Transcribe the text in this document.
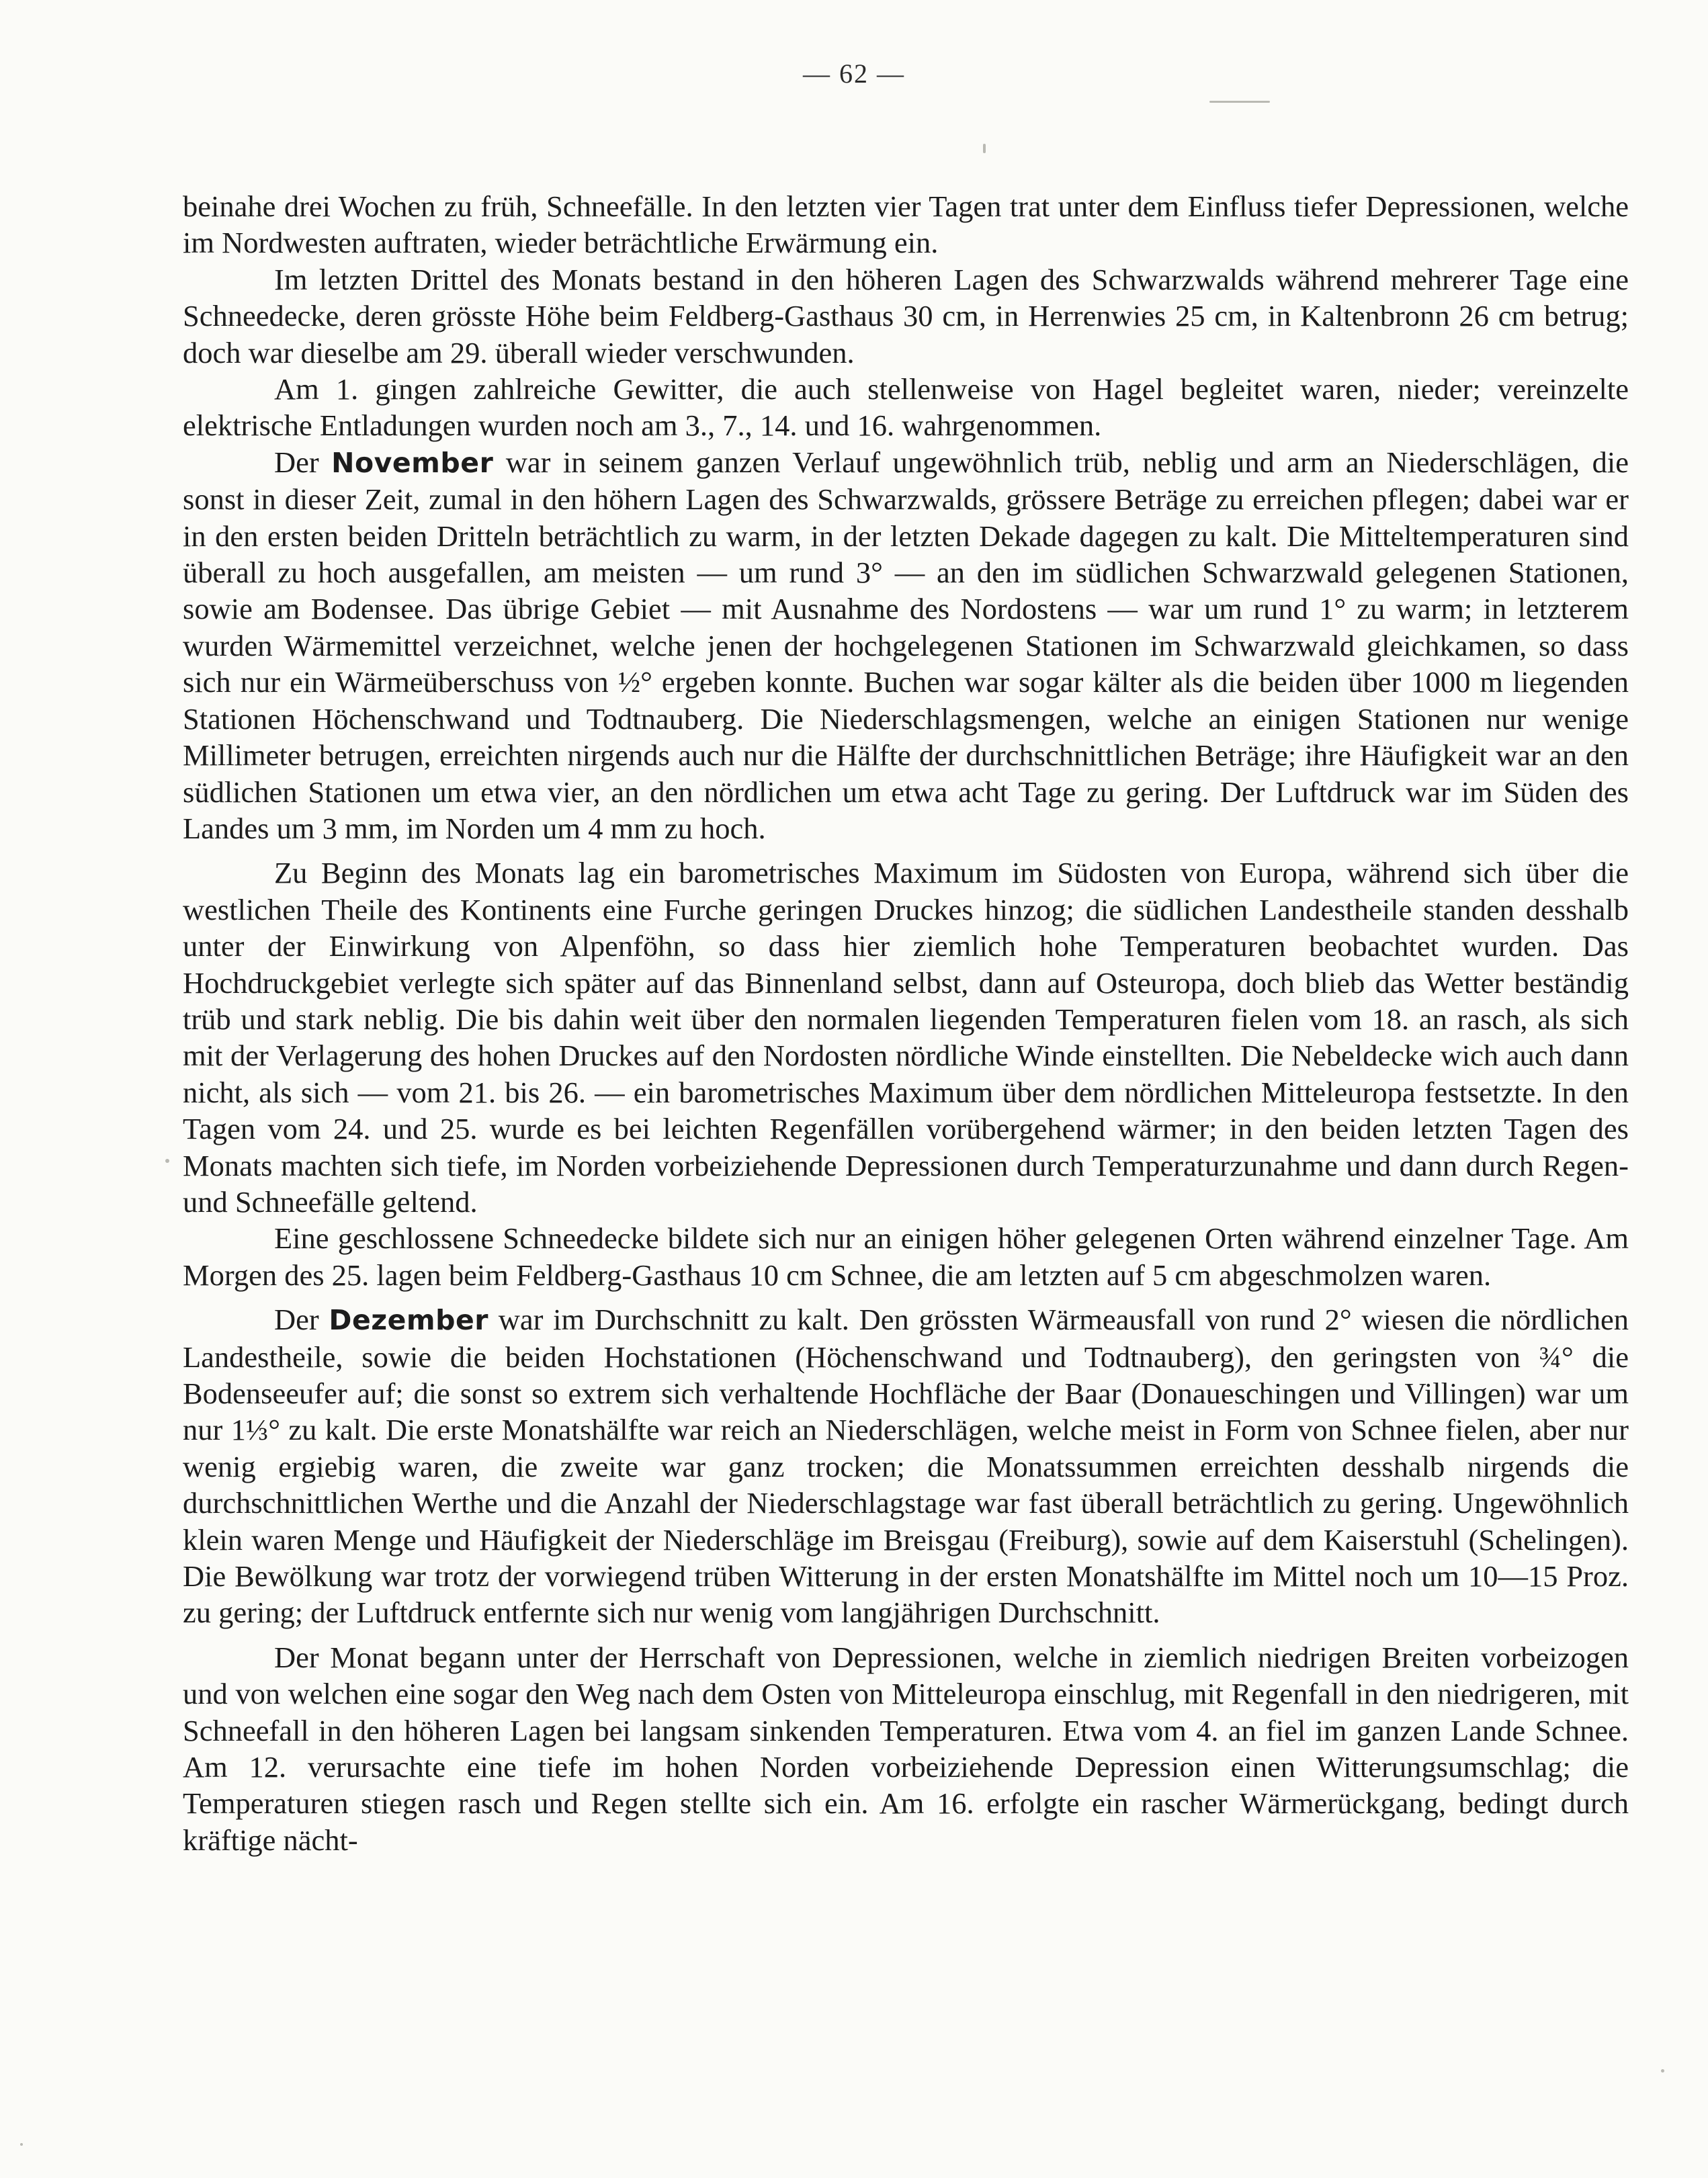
— 62 —

beinahe drei Wochen zu früh, Schneefälle. In den letzten vier Tagen trat unter dem Einfluss tiefer Depressionen, welche im Nordwesten auftraten, wieder beträchtliche Erwärmung ein.

Im letzten Drittel des Monats bestand in den höheren Lagen des Schwarzwalds während mehrerer Tage eine Schneedecke, deren grösste Höhe beim Feldberg-Gasthaus 30 cm, in Herrenwies 25 cm, in Kaltenbronn 26 cm betrug; doch war dieselbe am 29. überall wieder verschwunden.

Am 1. gingen zahlreiche Gewitter, die auch stellenweise von Hagel begleitet waren, nieder; vereinzelte elektrische Entladungen wurden noch am 3., 7., 14. und 16. wahrgenommen.

Der November war in seinem ganzen Verlauf ungewöhnlich trüb, neblig und arm an Niederschlägen, die sonst in dieser Zeit, zumal in den höhern Lagen des Schwarzwalds, grössere Beträge zu erreichen pflegen; dabei war er in den ersten beiden Dritteln beträchtlich zu warm, in der letzten Dekade dagegen zu kalt. Die Mitteltemperaturen sind überall zu hoch ausgefallen, am meisten — um rund 3° — an den im südlichen Schwarzwald gelegenen Stationen, sowie am Bodensee. Das übrige Gebiet — mit Ausnahme des Nordostens — war um rund 1° zu warm; in letzterem wurden Wärmemittel verzeichnet, welche jenen der hochgelegenen Stationen im Schwarzwald gleichkamen, so dass sich nur ein Wärmeüberschuss von ½° ergeben konnte. Buchen war sogar kälter als die beiden über 1000 m liegenden Stationen Höchenschwand und Todtnauberg. Die Niederschlagsmengen, welche an einigen Stationen nur wenige Millimeter betrugen, erreichten nirgends auch nur die Hälfte der durchschnittlichen Beträge; ihre Häufigkeit war an den südlichen Stationen um etwa vier, an den nördlichen um etwa acht Tage zu gering. Der Luftdruck war im Süden des Landes um 3 mm, im Norden um 4 mm zu hoch.

Zu Beginn des Monats lag ein barometrisches Maximum im Südosten von Europa, während sich über die westlichen Theile des Kontinents eine Furche geringen Druckes hinzog; die südlichen Landestheile standen desshalb unter der Einwirkung von Alpenföhn, so dass hier ziemlich hohe Temperaturen beobachtet wurden. Das Hochdruckgebiet verlegte sich später auf das Binnenland selbst, dann auf Osteuropa, doch blieb das Wetter beständig trüb und stark neblig. Die bis dahin weit über den normalen liegenden Temperaturen fielen vom 18. an rasch, als sich mit der Verlagerung des hohen Druckes auf den Nordosten nördliche Winde einstellten. Die Nebeldecke wich auch dann nicht, als sich — vom 21. bis 26. — ein barometrisches Maximum über dem nördlichen Mitteleuropa festsetzte. In den Tagen vom 24. und 25. wurde es bei leichten Regenfällen vorübergehend wärmer; in den beiden letzten Tagen des Monats machten sich tiefe, im Norden vorbeiziehende Depressionen durch Temperaturzunahme und dann durch Regen- und Schneefälle geltend.

Eine geschlossene Schneedecke bildete sich nur an einigen höher gelegenen Orten während einzelner Tage. Am Morgen des 25. lagen beim Feldberg-Gasthaus 10 cm Schnee, die am letzten auf 5 cm abgeschmolzen waren.

Der Dezember war im Durchschnitt zu kalt. Den grössten Wärmeausfall von rund 2° wiesen die nördlichen Landestheile, sowie die beiden Hochstationen (Höchenschwand und Todtnauberg), den geringsten von ¾° die Bodenseeufer auf; die sonst so extrem sich verhaltende Hochfläche der Baar (Donaueschingen und Villingen) war um nur 1⅓° zu kalt. Die erste Monatshälfte war reich an Niederschlägen, welche meist in Form von Schnee fielen, aber nur wenig ergiebig waren, die zweite war ganz trocken; die Monatssummen erreichten desshalb nirgends die durchschnittlichen Werthe und die Anzahl der Niederschlagstage war fast überall beträchtlich zu gering. Ungewöhnlich klein waren Menge und Häufigkeit der Niederschläge im Breisgau (Freiburg), sowie auf dem Kaiserstuhl (Schelingen). Die Bewölkung war trotz der vorwiegend trüben Witterung in der ersten Monatshälfte im Mittel noch um 10—15 Proz. zu gering; der Luftdruck entfernte sich nur wenig vom langjährigen Durchschnitt.

Der Monat begann unter der Herrschaft von Depressionen, welche in ziemlich niedrigen Breiten vorbeizogen und von welchen eine sogar den Weg nach dem Osten von Mitteleuropa einschlug, mit Regenfall in den niedrigeren, mit Schneefall in den höheren Lagen bei langsam sinkenden Temperaturen. Etwa vom 4. an fiel im ganzen Lande Schnee. Am 12. verursachte eine tiefe im hohen Norden vorbeiziehende Depression einen Witterungsumschlag; die Temperaturen stiegen rasch und Regen stellte sich ein. Am 16. erfolgte ein rascher Wärmerückgang, bedingt durch kräftige nächt-
